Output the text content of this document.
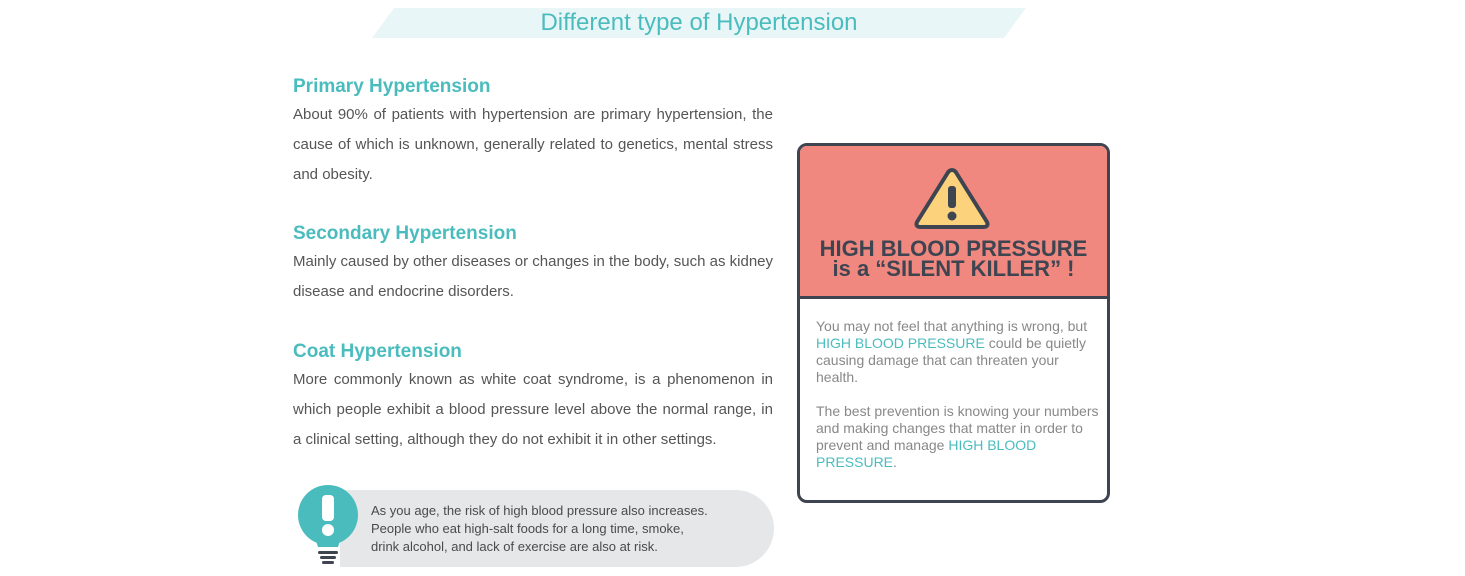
Different type of Hypertension
Primary Hypertension

About 90% of patients with hypertension are primary hypertension, the cause of which is unknown, generally related to genetics, mental stress and obesity.

Secondary Hypertension

Mainly caused by other diseases or changes in the body, such as kidney disease and endocrine disorders.

Coat Hypertension

More commonly known as white coat syndrome, is a phenomenon in which people exhibit a blood pressure level above the normal range, in a clinical setting, although they do not exhibit it in other settings.

As you age, the risk of high blood pressure also increases.
People who eat high-salt foods for a long time, smoke,
drink alcohol, and lack of exercise are also at risk.
HIGH BLOOD PRESSURE
is a “SILENT KILLER” !

You may not feel that anything is wrong, but HIGH BLOOD PRESSURE could be quietly causing damage that can threaten your health.

The best prevention is knowing your numbers and making changes that matter in order to prevent and manage HIGH BLOOD PRESSURE.
